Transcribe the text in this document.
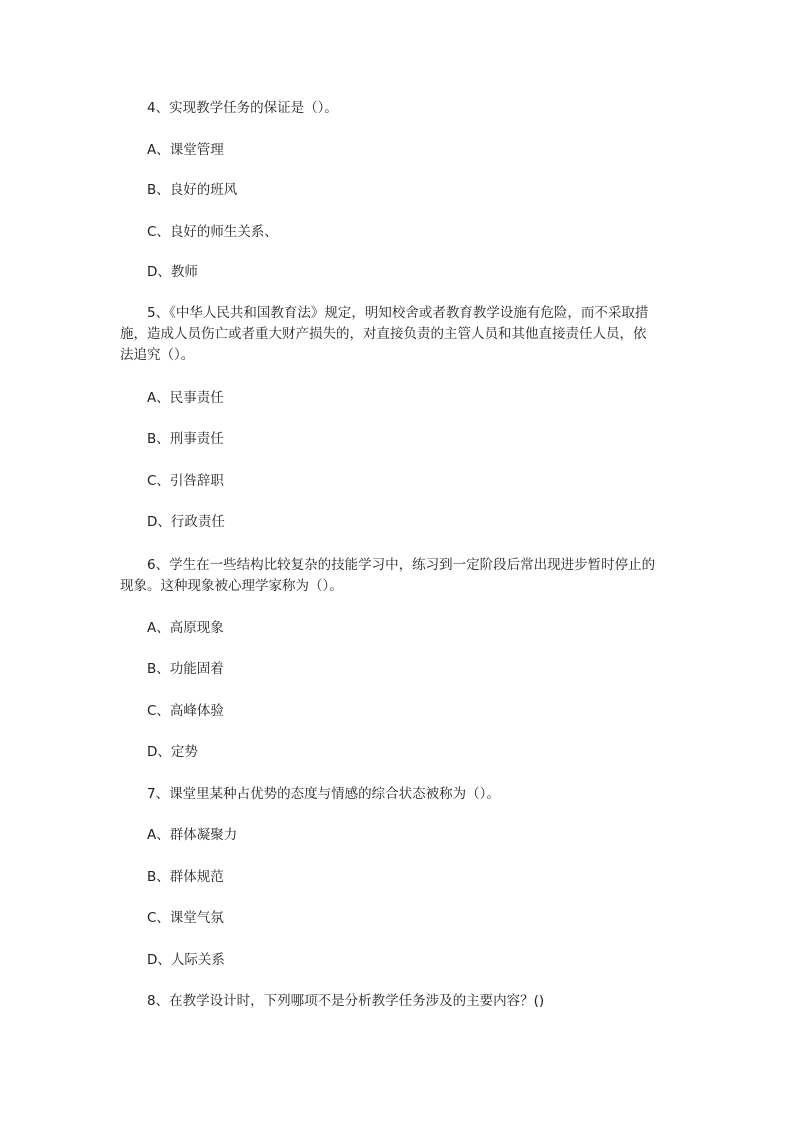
4、实现教学任务的保证是（）。
A、课堂管理
B、良好的班风
C、良好的师生关系、
D、教师
5、《中华人民共和国教育法》规定，明知校舍或者教育教学设施有危险，而不采取措
施，造成人员伤亡或者重大财产损失的，对直接负责的主管人员和其他直接责任人员，依
法追究（）。
A、民事责任
B、刑事责任
C、引咎辞职
D、行政责任
6、学生在一些结构比较复杂的技能学习中，练习到一定阶段后常出现进步暂时停止的
现象。这种现象被心理学家称为（）。
A、高原现象
B、功能固着
C、高峰体验
D、定势
7、课堂里某种占优势的态度与情感的综合状态被称为（）。
A、群体凝聚力
B、群体规范
C、课堂气氛
D、人际关系
8、在教学设计时，下列哪项不是分析教学任务涉及的主要内容？()
